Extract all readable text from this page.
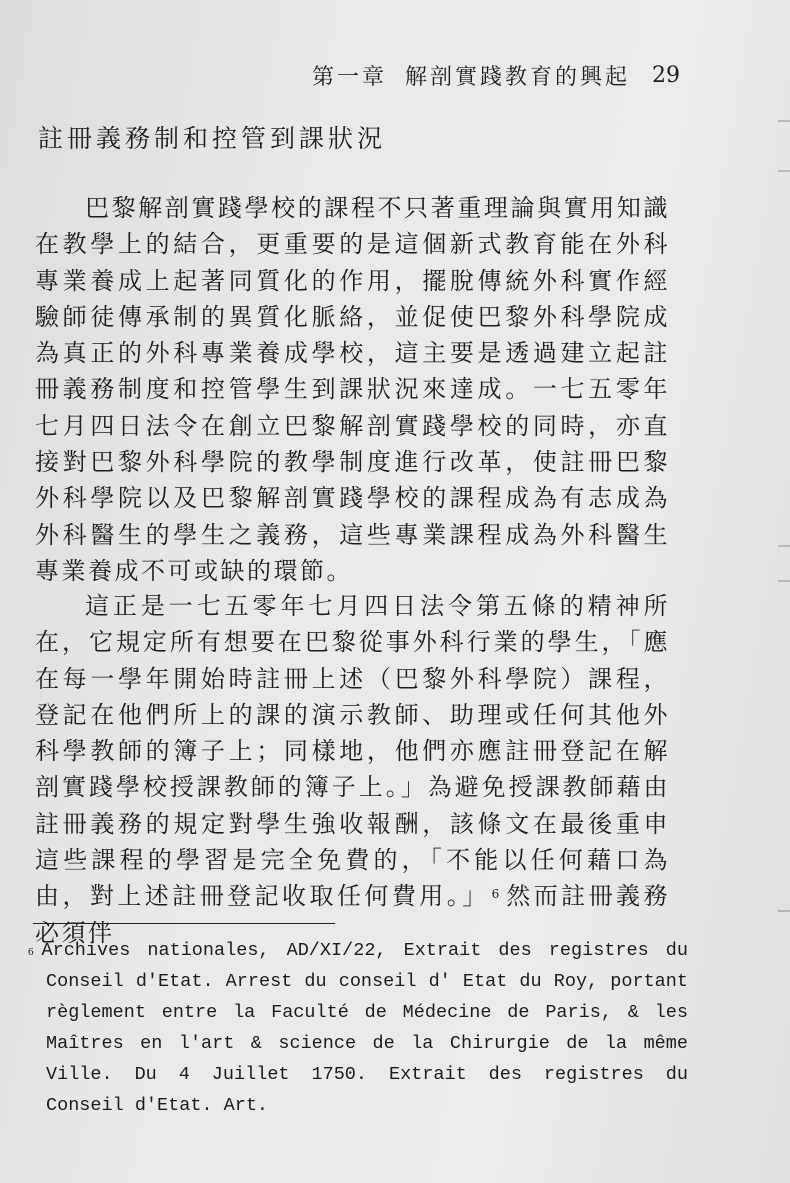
第一章 解剖實踐教育的興起 29
註冊義務制和控管到課狀況

巴黎解剖實踐學校的課程不只著重理論與實用知識在教學上的結合，更重要的是這個新式教育能在外科專業養成上起著同質化的作用，擺脫傳統外科實作經驗師徒傳承制的異質化脈絡，並促使巴黎外科學院成為真正的外科專業養成學校，這主要是透過建立起註冊義務制度和控管學生到課狀況來達成。一七五零年七月四日法令在創立巴黎解剖實踐學校的同時，亦直接對巴黎外科學院的教學制度進行改革，使註冊巴黎外科學院以及巴黎解剖實踐學校的課程成為有志成為外科醫生的學生之義務，這些專業課程成為外科醫生專業養成不可或缺的環節。

這正是一七五零年七月四日法令第五條的精神所在，它規定所有想要在巴黎從事外科行業的學生，「應在每一學年開始時註冊上述（巴黎外科學院）課程，登記在他們所上的課的演示教師、助理或任何其他外科學教師的簿子上；同樣地，他們亦應註冊登記在解剖實踐學校授課教師的簿子上。」為避免授課教師藉由註冊義務的規定對學生強收報酬，該條文在最後重申這些課程的學習是完全免費的，「不能以任何藉口為由，對上述註冊登記收取任何費用。」 $^6$ 然而註冊義務必須伴

$^6$ Archives nationales, AD/XI/22, Extrait des registres du Conseil d'Etat. Arrest du conseil d' Etat du Roy, portant règlement entre la Faculté de Médecine de Paris, & les Maîtres en l'art & science de la Chirurgie de la même Ville. Du 4 Juillet 1750. Extrait des registres du Conseil d'Etat. Art.
